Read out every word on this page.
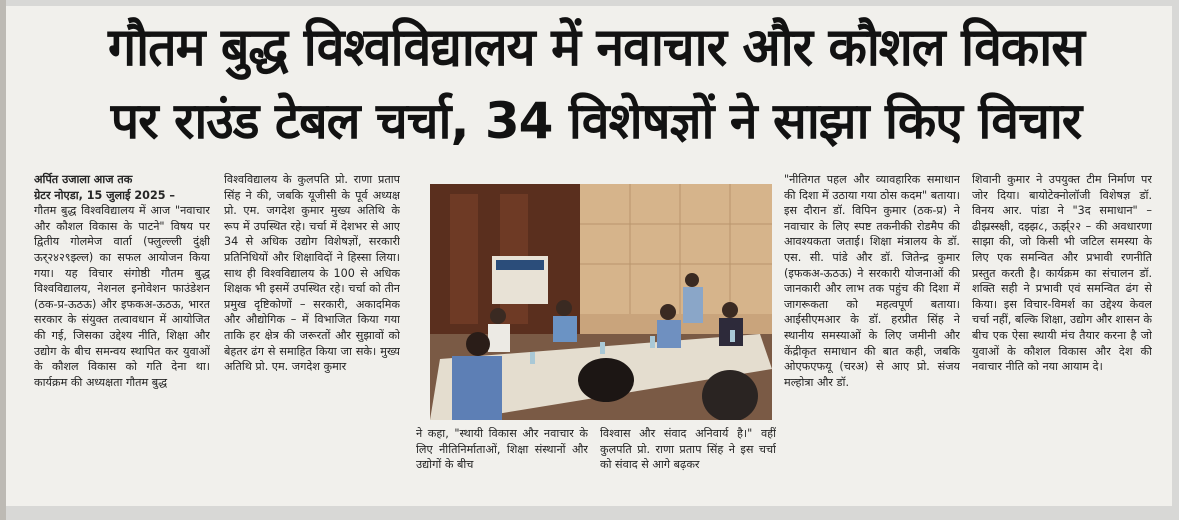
गौतम बुद्ध विश्वविद्यालय में नवाचार और कौशल विकास
पर राउंड टेबल चर्चा, 34 विशेषज्ञों ने साझा किए विचार

अर्पित उजाला आज तक

ग्रेटर नोएडा, 15 जुलाई 2025 –

गौतम बुद्ध विश्वविद्यालय में आज "नवाचार और कौशल विकास के पाटने" विषय पर द्वितीय गोलमेज वार्ता (फ्लुल्ल्ली दुंक्षी ऊर्२४२९झ्ल्ल) का सफल आयोजन किया गया। यह विचार संगोष्ठी गौतम बुद्ध विश्वविद्यालय, नेशनल इनोवेशन फाउंडेशन (ठक-प्र-ऊठऊ) और इफकअ-ऊठऊ, भारत सरकार के संयुक्त तत्वावधान में आयोजित की गई, जिसका उद्देश्य नीति, शिक्षा और उद्योग के बीच समन्वय स्थापित कर युवाओं के कौशल विकास को गति देना था। कार्यक्रम की अध्यक्षता गौतम बुद्ध

विश्वविद्यालय के कुलपति प्रो. राणा प्रताप सिंह ने की, जबकि यूजीसी के पूर्व अध्यक्ष प्रो. एम. जगदेश कुमार मुख्य अतिथि के रूप में उपस्थित रहे। चर्चा में देशभर से आए 34 से अधिक उद्योग विशेषज्ञों, सरकारी प्रतिनिधियों और शिक्षाविदों ने हिस्सा लिया। साथ ही विश्वविद्यालय के 100 से अधिक शिक्षक भी इसमें उपस्थित रहे। चर्चा को तीन प्रमुख दृष्टिकोणों – सरकारी, अकादमिक और औद्योगिक – में विभाजित किया गया ताकि हर क्षेत्र की जरूरतों और सुझावों को बेहतर ढंग से समाहित किया जा सके। मुख्य अतिथि प्रो. एम. जगदेश कुमार

ने कहा, "स्थायी विकास और नवाचार के लिए नीतिनिर्माताओं, शिक्षा संस्थानों और उद्योगों के बीच

विश्वास और संवाद अनिवार्य है।" वहीं कुलपति प्रो. राणा प्रताप सिंह ने इस चर्चा को संवाद से आगे बढ़कर

"नीतिगत पहल और व्यावहारिक समाधान की दिशा में उठाया गया ठोस कदम" बताया। इस दौरान डॉ. विपिन कुमार (ठक-प्र) ने नवाचार के लिए स्पष्ट तकनीकी रोडमैप की आवश्यकता जताई। शिक्षा मंत्रालय के डॉ. एस. सी. पांडे और डॉ. जितेन्द्र कुमार (इफकअ-ऊठऊ) ने सरकारी योजनाओं की जानकारी और लाभ तक पहुंच की दिशा में जागरूकता को महत्वपूर्ण बताया। आईसीएमआर के डॉ. हरप्रीत सिंह ने स्थानीय समस्याओं के लिए जमीनी और केंद्रीकृत समाधान की बात कही, जबकि ओएफएफयू (चरअ) से आए प्रो. संजय मल्होत्रा और डॉ.

शिवानी कुमार ने उपयुक्त टीम निर्माण पर जोर दिया। बायोटेक्नोलॉजी विशेषज्ञ डॉ. विनय आर. पांडा ने "3द समाधान" – ढीझ्रस्स्क्षी, दझ्झ८, ऊर्झ्२२ – की अवधारणा साझा की, जो किसी भी जटिल समस्या के लिए एक समन्वित और प्रभावी रणनीति प्रस्तुत करती है। कार्यक्रम का संचालन डॉ. शक्ति सही ने प्रभावी एवं समन्वित ढंग से किया। इस विचार-विमर्श का उद्देश्य केवल चर्चा नहीं, बल्कि शिक्षा, उद्योग और शासन के बीच एक ऐसा स्थायी मंच तैयार करना है जो युवाओं के कौशल विकास और देश की नवाचार नीति को नया आयाम दे।
